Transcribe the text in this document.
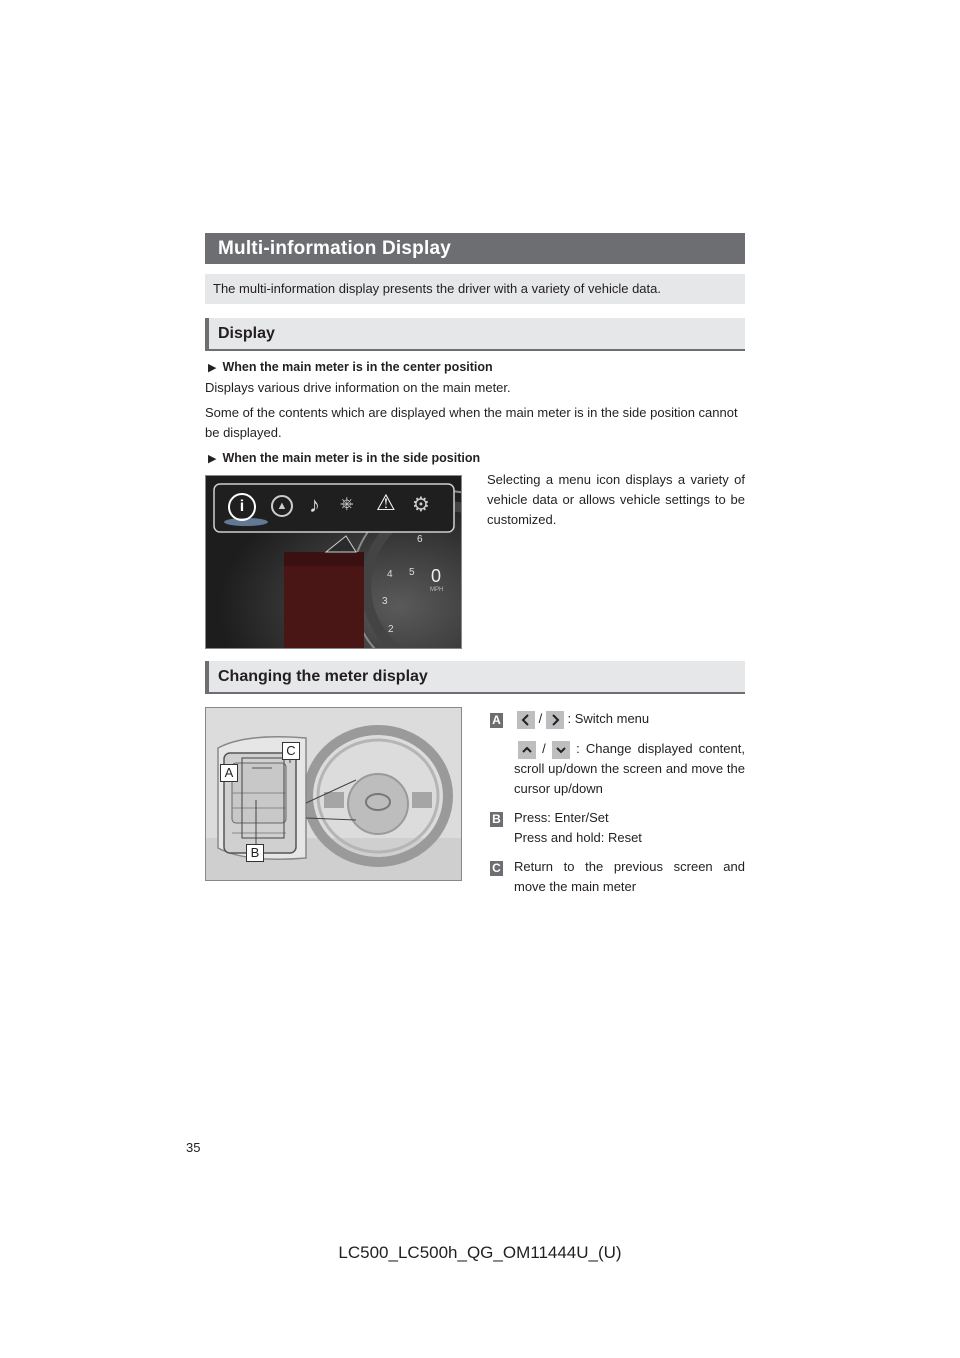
Multi-information Display
The multi-information display presents the driver with a variety of vehicle data.
Display
▶ When the main meter is in the center position
Displays various drive information on the main meter.
Some of the contents which are displayed when the main meter is in the side position cannot be displayed.
▶ When the main meter is in the side position
i	▲ ♪ ⎈ ⚠ ⚙
6
5
4
3
2
0
MPH
Selecting a menu icon displays a variety of vehicle data or allows vehicle settings to be customized.
Changing the meter display
A
B
C
A	/ : Switch menu
/ : Change displayed content, scroll up/down the screen and move the cursor up/down
B Press: Enter/Set
Press and hold: Reset
C Return to the previous screen and move the main meter
35
LC500_LC500h_QG_OM11444U_(U)
